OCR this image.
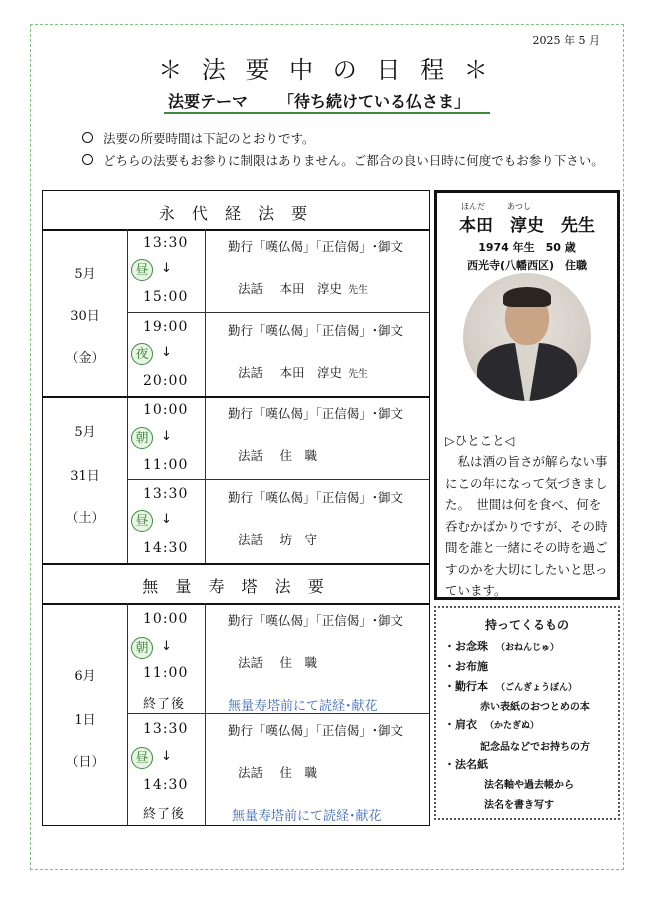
2025 年 5 月
＊ 法 要 中 の 日 程 ＊
法要テーマ 「待ち続けている仏さま」
法要の所要時間は下記のとおりです。
どちらの法要もお参りに制限はありません。ご都合の良い日時に何度でもお参り下さい。
永 代 経 法 要
5月
30日
（金）
5月
31日
（土）
13:30
昼 ↓
15:00
勤行「嘆仏偈」「正信偈」･御文
法話　 本田　淳史 先生
19:00
夜 ↓
20:00
勤行「嘆仏偈」「正信偈」･御文
法話　 本田　淳史 先生
10:00
朝 ↓
11:00
勤行「嘆仏偈」「正信偈」･御文
法話　 住　職
13:30
昼 ↓
14:30
勤行「嘆仏偈」「正信偈」･御文
法話　 坊　守
無 量 寿 塔 法 要
6月
1日
（日）
10:00
朝 ↓
11:00
終了後
勤行「嘆仏偈」「正信偈」･御文
法話　 住　職
無量寿塔前にて読経･献花
13:30
昼 ↓
14:30
終了後
勤行「嘆仏偈」「正信偈」･御文
法話　 住　職
無量寿塔前にて読経･献花
ほんだ	あつし
本田　淳史　先生
1974 年生　50 歳
西光寺(八幡西区)　住職
▷ひとこと◁
　私は酒の旨さが解らない事にこの年になって気づきました。　世間は何を食べ、何を呑むかばかりですが、その時間を誰と一緒にその時を過ごすのかを大切にしたいと思っています。
持ってくるもの
・お念珠 （おねんじゅ）
・お布施
・勤行本 （ごんぎょうぼん）
赤い表紙のおつとめの本
・肩衣 （かたぎぬ）
記念品などでお持ちの方
・法名紙
法名軸や過去帳から
法名を書き写す
